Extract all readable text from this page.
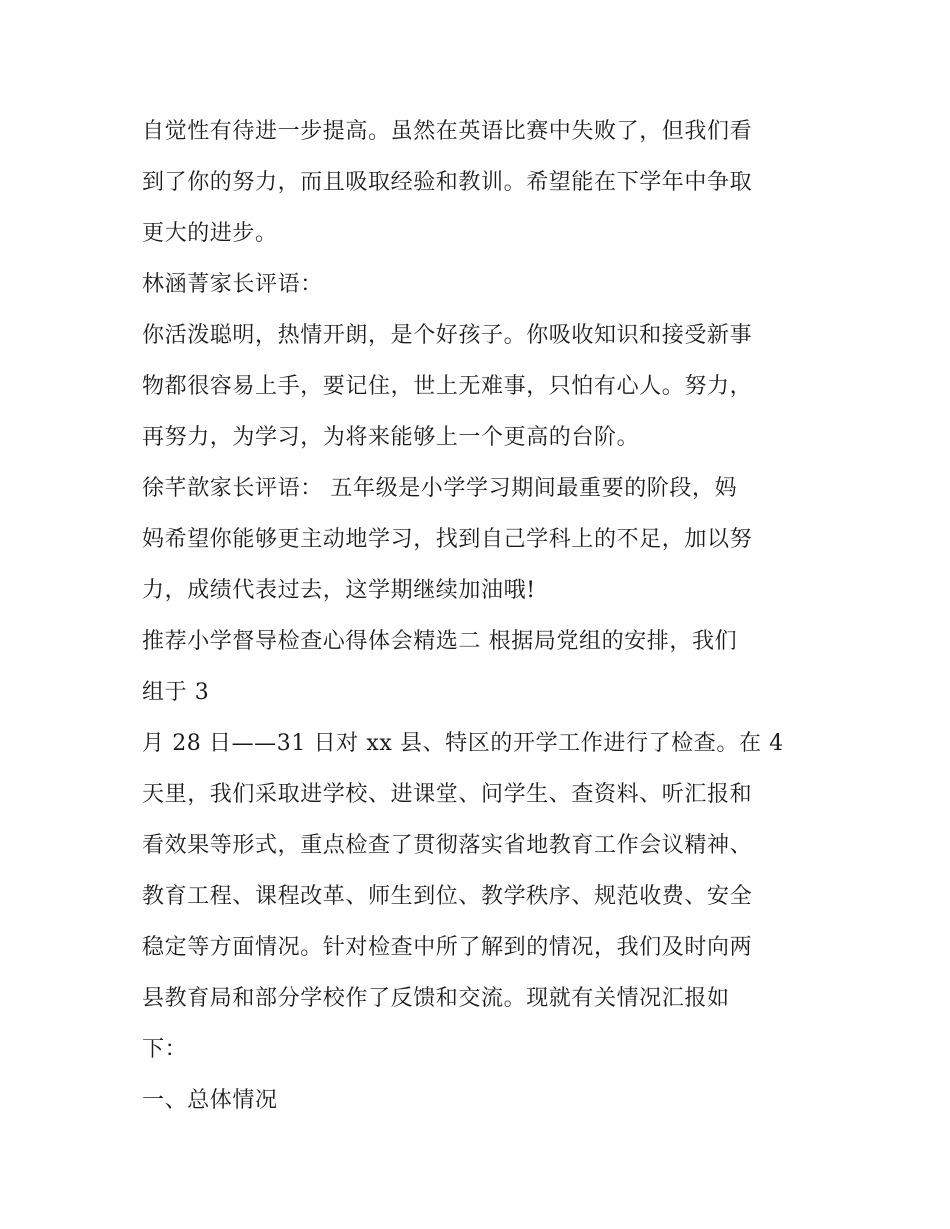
自觉性有待进一步提高。虽然在英语比赛中失败了，但我们看
到了你的努力，而且吸取经验和教训。希望能在下学年中争取
更大的进步。
林涵菁家长评语：
你活泼聪明，热情开朗，是个好孩子。你吸收知识和接受新事
物都很容易上手，要记住，世上无难事，只怕有心人。努力，
再努力，为学习，为将来能够上一个更高的台阶。
徐芊歆家长评语： 五年级是小学学习期间最重要的阶段，妈
妈希望你能够更主动地学习，找到自己学科上的不足，加以努
力，成绩代表过去，这学期继续加油哦!
推荐小学督导检查心得体会精选二 根据局党组的安排，我们
组于 3
月 28 日——31 日对 xx 县、特区的开学工作进行了检查。在 4
天里，我们采取进学校、进课堂、问学生、查资料、听汇报和
看效果等形式，重点检查了贯彻落实省地教育工作会议精神、
教育工程、课程改革、师生到位、教学秩序、规范收费、安全
稳定等方面情况。针对检查中所了解到的情况，我们及时向两
县教育局和部分学校作了反馈和交流。现就有关情况汇报如
下：
一、总体情况
